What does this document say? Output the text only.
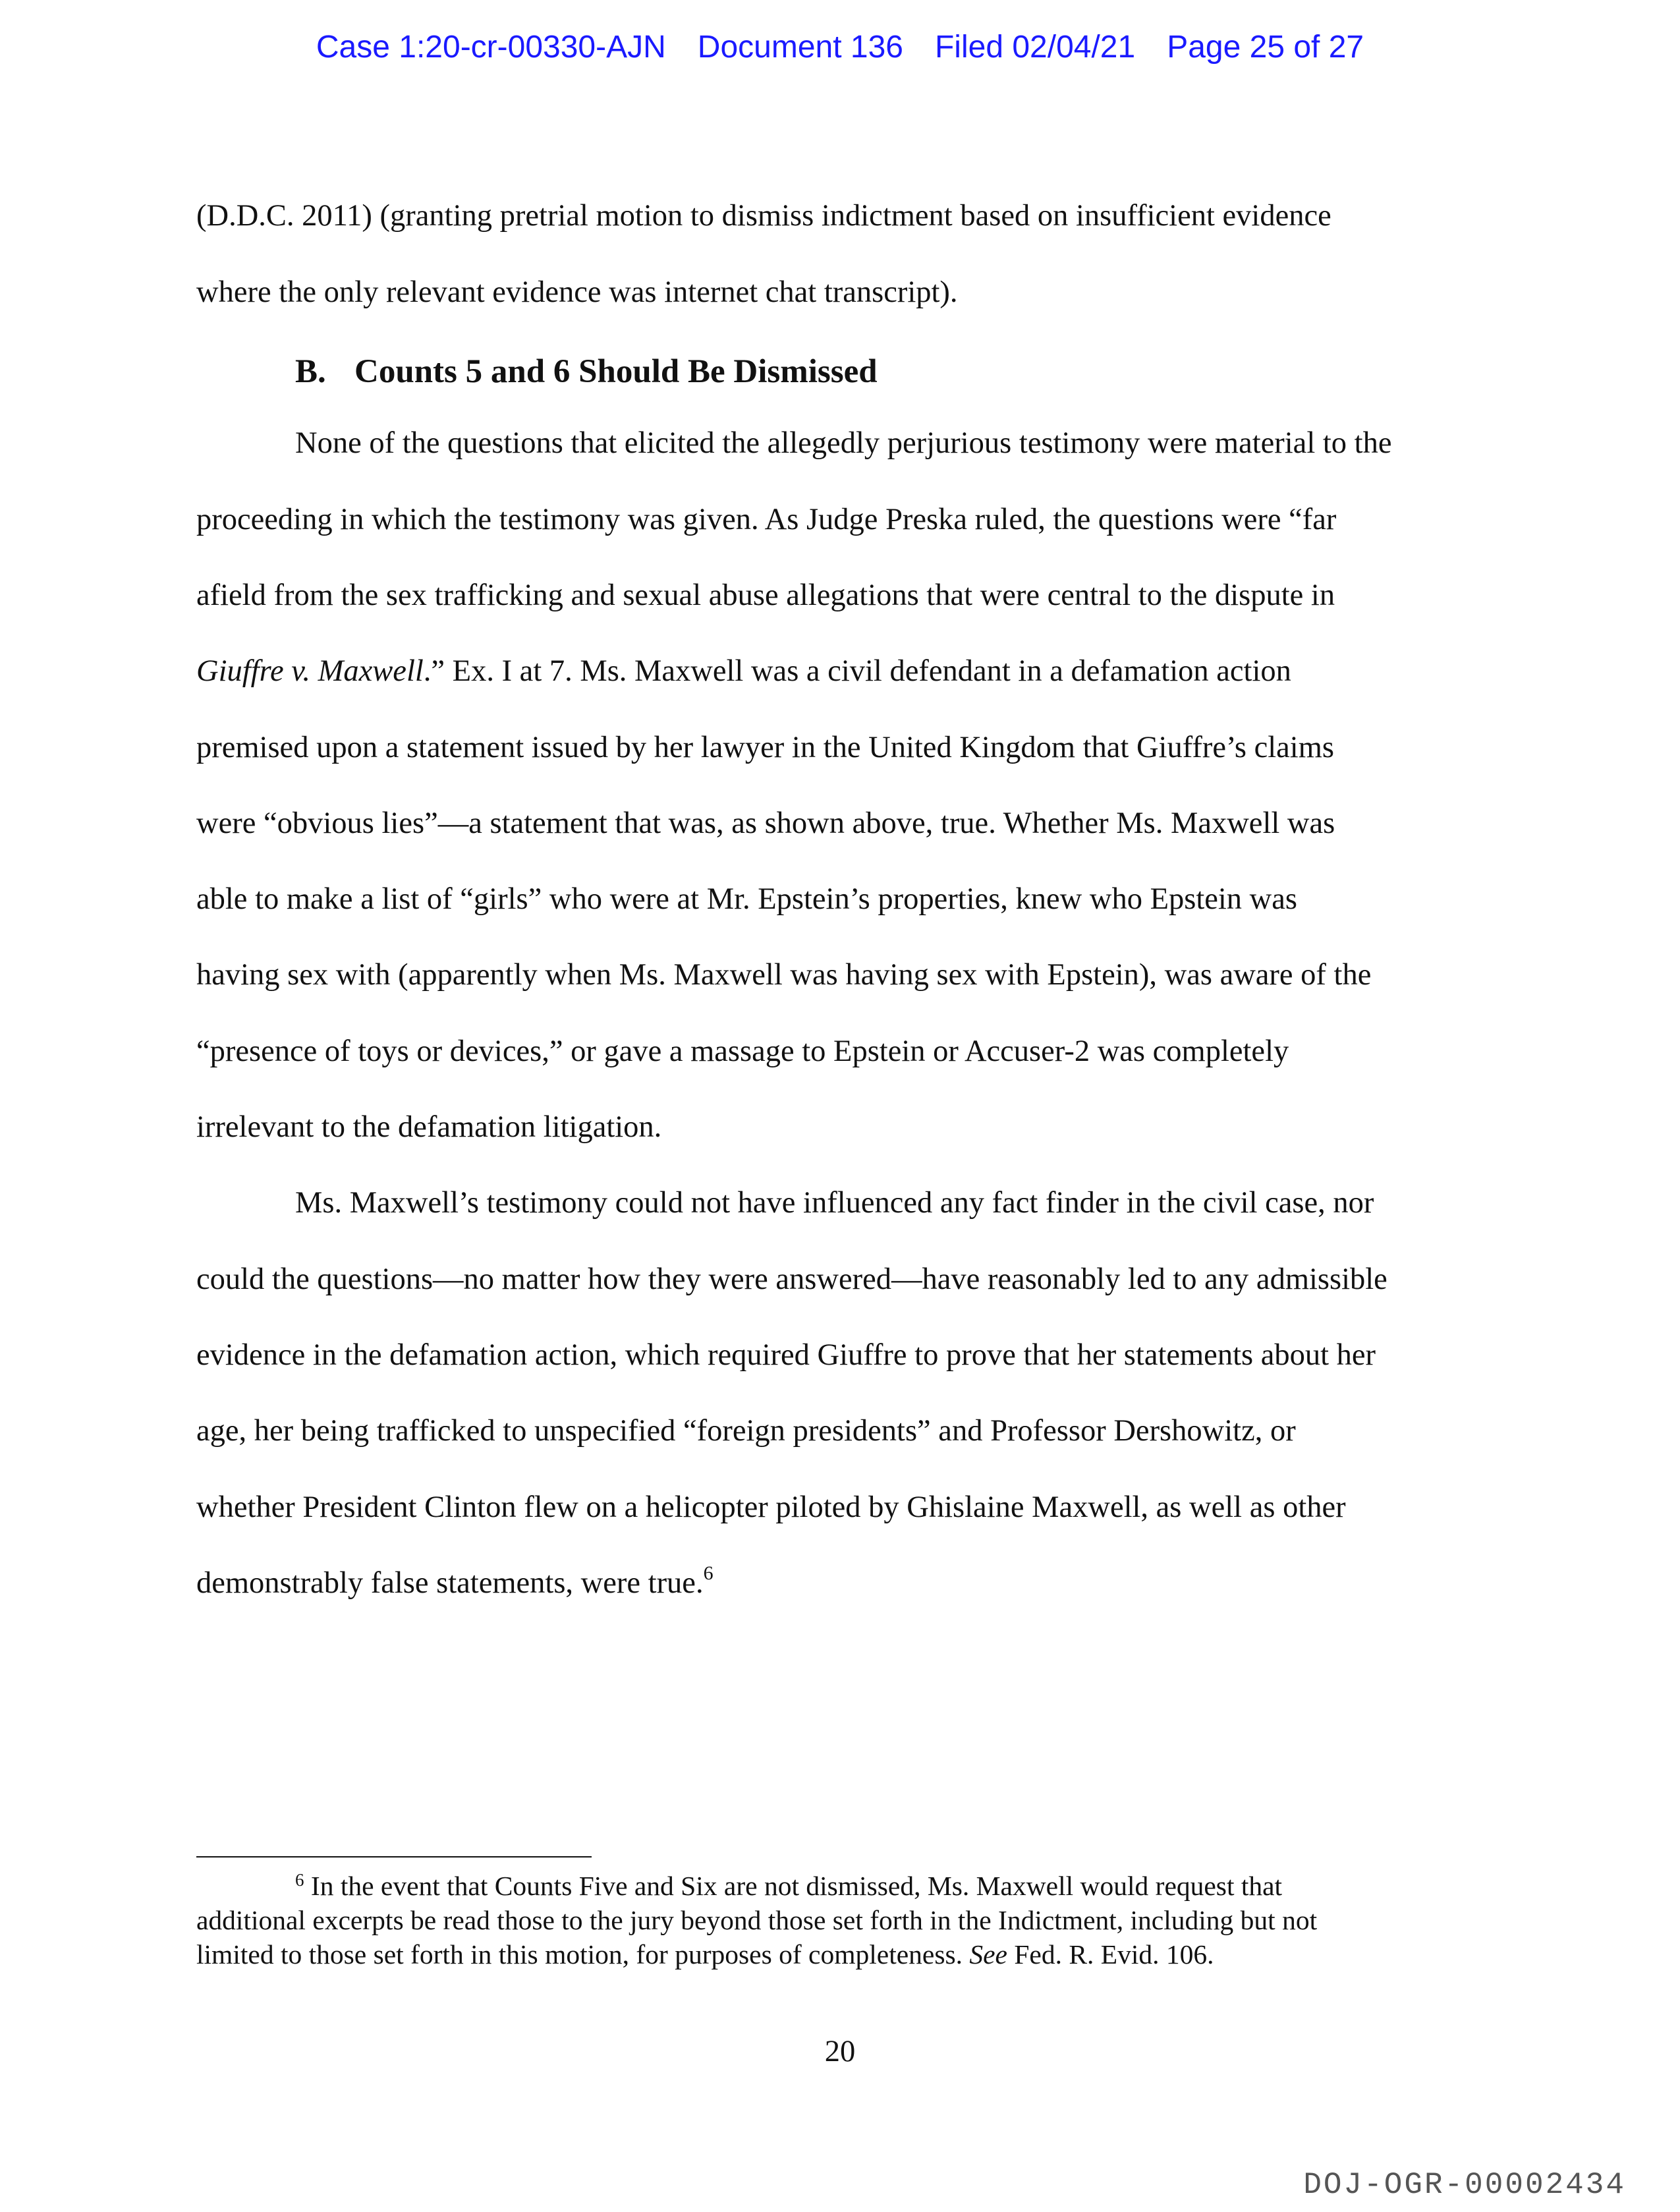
Case 1:20-cr-00330-AJN Document 136 Filed 02/04/21 Page 25 of 27
(D.D.C. 2011) (granting pretrial motion to dismiss indictment based on insufficient evidence
where the only relevant evidence was internet chat transcript).
B. Counts 5 and 6 Should Be Dismissed
None of the questions that elicited the allegedly perjurious testimony were material to the
proceeding in which the testimony was given. As Judge Preska ruled, the questions were “far
afield from the sex trafficking and sexual abuse allegations that were central to the dispute in
Giuffre v. Maxwell.” Ex. I at 7. Ms. Maxwell was a civil defendant in a defamation action
premised upon a statement issued by her lawyer in the United Kingdom that Giuffre’s claims
were “obvious lies”—a statement that was, as shown above, true. Whether Ms. Maxwell was
able to make a list of “girls” who were at Mr. Epstein’s properties, knew who Epstein was
having sex with (apparently when Ms. Maxwell was having sex with Epstein), was aware of the
“presence of toys or devices,” or gave a massage to Epstein or Accuser-2 was completely
irrelevant to the defamation litigation.
Ms. Maxwell’s testimony could not have influenced any fact finder in the civil case, nor
could the questions—no matter how they were answered—have reasonably led to any admissible
evidence in the defamation action, which required Giuffre to prove that her statements about her
age, her being trafficked to unspecified “foreign presidents” and Professor Dershowitz, or
whether President Clinton flew on a helicopter piloted by Ghislaine Maxwell, as well as other
demonstrably false statements, were true.$^6$
$^6$ In the event that Counts Five and Six are not dismissed, Ms. Maxwell would request that
additional excerpts be read those to the jury beyond those set forth in the Indictment, including but not
limited to those set forth in this motion, for purposes of completeness. See Fed. R. Evid. 106.
20
DOJ-OGR-00002434
